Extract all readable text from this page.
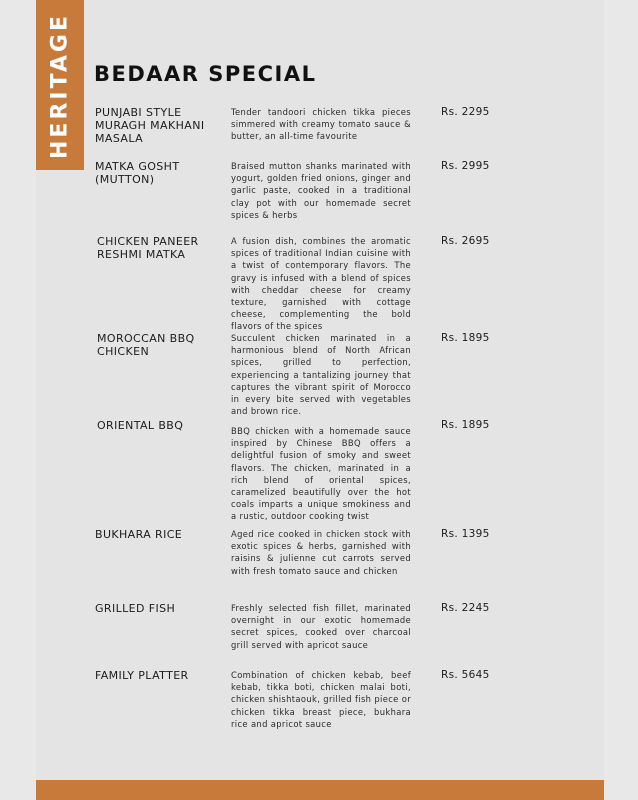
HERITAGE BEDAAR SPECIAL
PUNJABI STYLE MURAGH MAKHANI MASALA
Tender tandoori chicken tikka pieces simmered with creamy tomato sauce & butter, an all-time favourite
Rs. 2295
MATKA GOSHT (MUTTON)
Braised mutton shanks marinated with yogurt, golden fried onions, ginger and garlic paste, cooked in a traditional clay pot with our homemade secret spices & herbs
Rs. 2995
CHICKEN PANEER RESHMI MATKA
A fusion dish, combines the aromatic spices of traditional Indian cuisine with a twist of contemporary flavors. The gravy is infused with a blend of spices with cheddar cheese for creamy texture, garnished with cottage cheese, complementing the bold flavors of the spices
Rs. 2695
MOROCCAN BBQ CHICKEN
Succulent chicken marinated in a harmonious blend of North African spices, grilled to perfection, experiencing a tantalizing journey that captures the vibrant spirit of Morocco in every bite served with vegetables and brown rice.
Rs. 1895
ORIENTAL BBQ	BBQ chicken with a homemade sauce inspired by Chinese BBQ offers a delightful fusion of smoky and sweet flavors. The chicken, marinated in a rich blend of oriental spices, caramelized beautifully over the hot coals imparts a unique smokiness and a rustic, outdoor cooking twist
Rs. 1895
BUKHARA RICE	Aged rice cooked in chicken stock with exotic spices & herbs, garnished with raisins & julienne cut carrots served with fresh tomato sauce and chicken
Rs. 1395
GRILLED FISH	Freshly selected fish fillet, marinated overnight in our exotic homemade secret spices, cooked over charcoal grill served with apricot sauce
Rs. 2245
FAMILY PLATTER	Combination of chicken kebab, beef kebab, tikka boti, chicken malai boti, chicken shishtaouk, grilled fish piece or chicken tikka breast piece, bukhara rice and apricot sauce
Rs. 5645
